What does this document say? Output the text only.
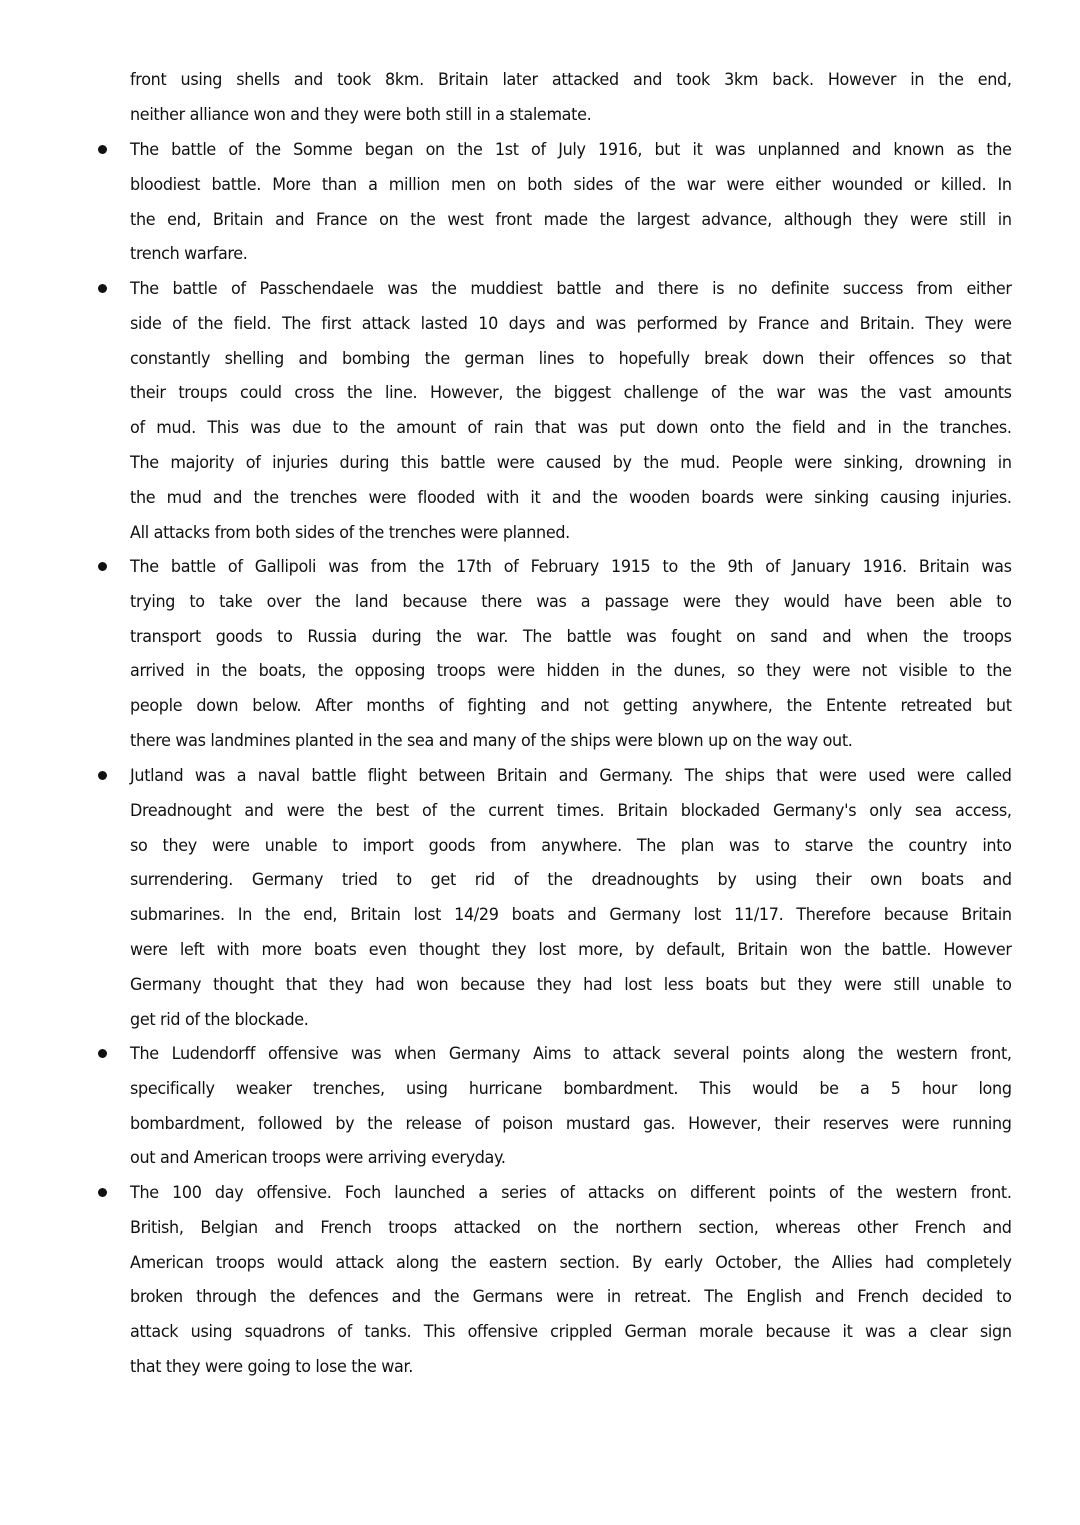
front using shells and took 8km. Britain later attacked and took 3km back. However in the end,
neither alliance won and they were both still in a stalemate.
The battle of the Somme began on the 1st of July 1916, but it was unplanned and known as the
bloodiest battle. More than a million men on both sides of the war were either wounded or killed. In
the end, Britain and France on the west front made the largest advance, although they were still in
trench warfare.
The battle of Passchendaele was the muddiest battle and there is no definite success from either
side of the field. The first attack lasted 10 days and was performed by France and Britain. They were
constantly shelling and bombing the german lines to hopefully break down their offences so that
their troups could cross the line. However, the biggest challenge of the war was the vast amounts
of mud. This was due to the amount of rain that was put down onto the field and in the tranches.
The majority of injuries during this battle were caused by the mud. People were sinking, drowning in
the mud and the trenches were flooded with it and the wooden boards were sinking causing injuries.
All attacks from both sides of the trenches were planned.
The battle of Gallipoli was from the 17th of February 1915 to the 9th of January 1916. Britain was
trying to take over the land because there was a passage were they would have been able to
transport goods to Russia during the war. The battle was fought on sand and when the troops
arrived in the boats, the opposing troops were hidden in the dunes, so they were not visible to the
people down below. After months of fighting and not getting anywhere, the Entente retreated but
there was landmines planted in the sea and many of the ships were blown up on the way out.
Jutland was a naval battle flight between Britain and Germany. The ships that were used were called
Dreadnought and were the best of the current times. Britain blockaded Germany's only sea access,
so they were unable to import goods from anywhere. The plan was to starve the country into
surrendering. Germany tried to get rid of the dreadnoughts by using their own boats and
submarines. In the end, Britain lost 14/29 boats and Germany lost 11/17. Therefore because Britain
were left with more boats even thought they lost more, by default, Britain won the battle. However
Germany thought that they had won because they had lost less boats but they were still unable to
get rid of the blockade.
The Ludendorff offensive was when Germany Aims to attack several points along the western front,
specifically weaker trenches, using hurricane bombardment. This would be a 5 hour long
bombardment, followed by the release of poison mustard gas. However, their reserves were running
out and American troops were arriving everyday.
The 100 day offensive. Foch launched a series of attacks on different points of the western front.
British, Belgian and French troops attacked on the northern section, whereas other French and
American troops would attack along the eastern section. By early October, the Allies had completely
broken through the defences and the Germans were in retreat. The English and French decided to
attack using squadrons of tanks. This offensive crippled German morale because it was a clear sign
that they were going to lose the war.
